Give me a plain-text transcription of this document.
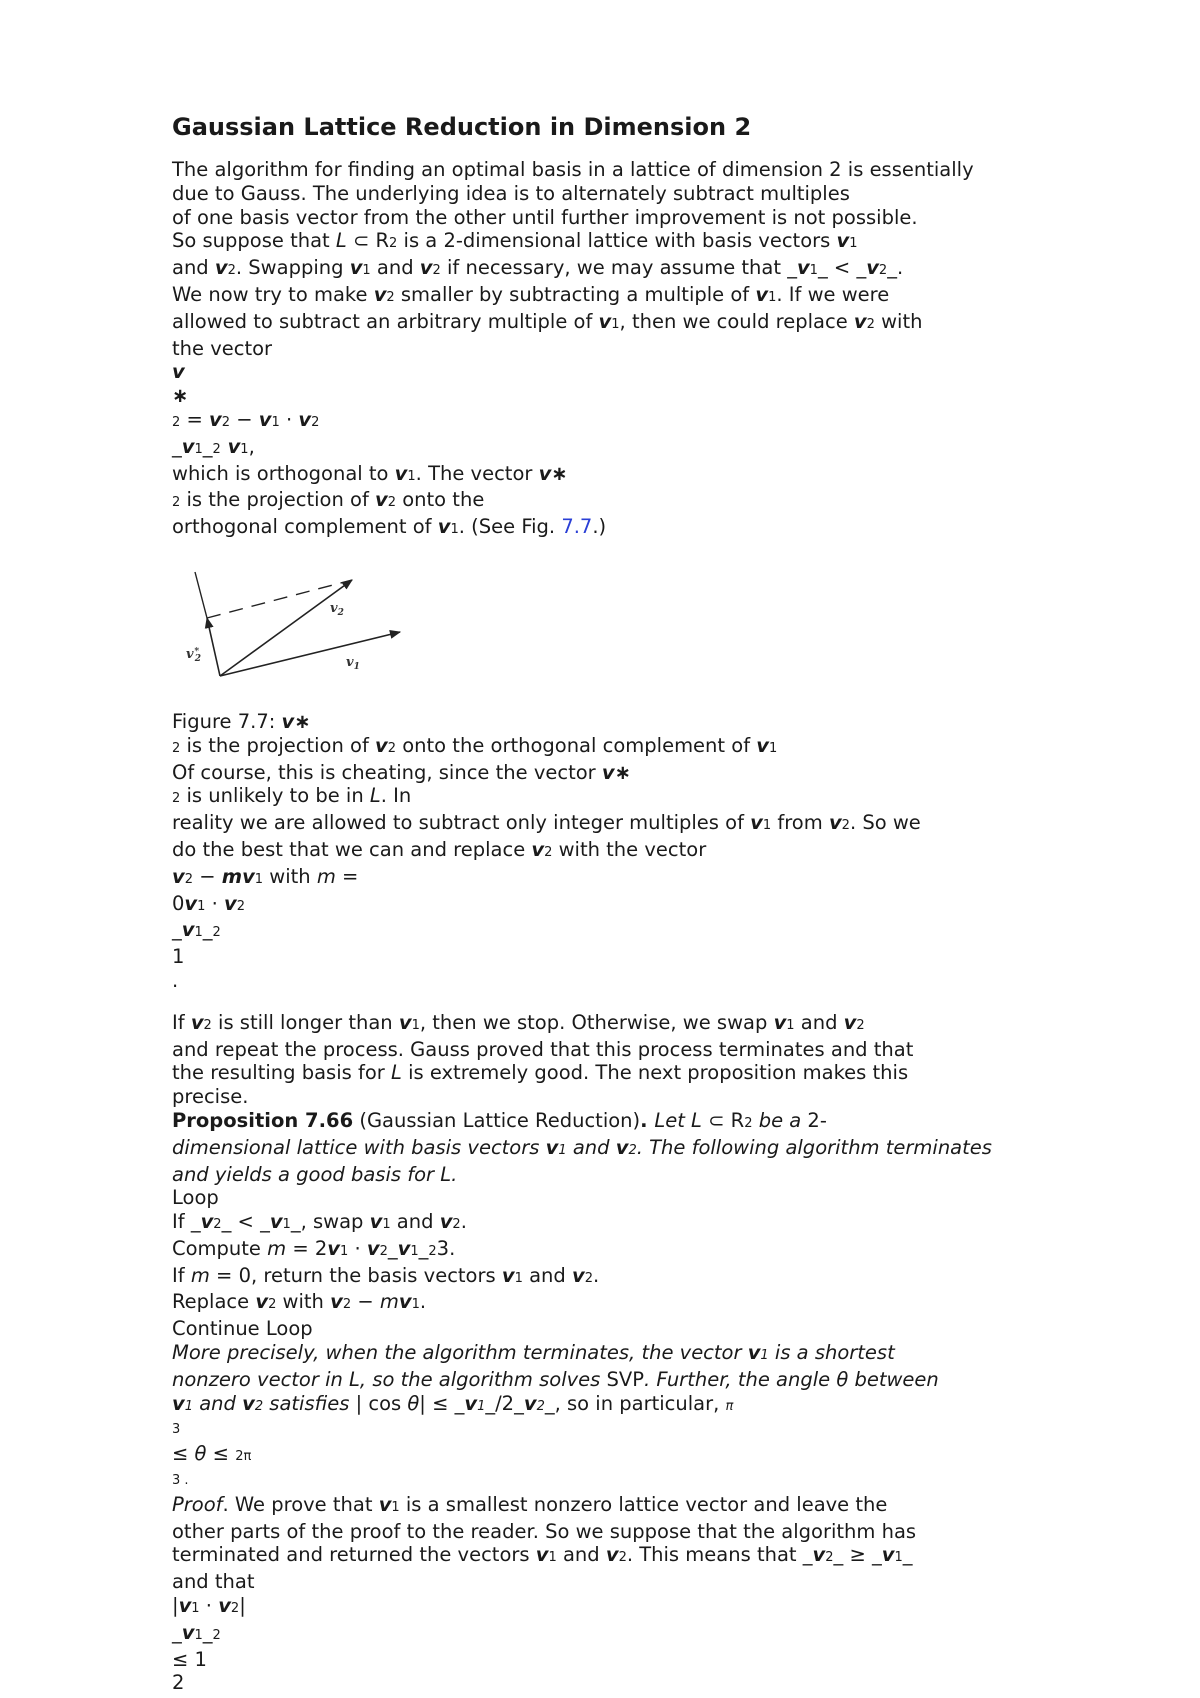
Gaussian Lattice Reduction in Dimension 2

The algorithm for finding an optimal basis in a lattice of dimension 2 is essentially

due to Gauss. The underlying idea is to alternately subtract multiples

of one basis vector from the other until further improvement is not possible.

So suppose that L ⊂ R2 is a 2-dimensional lattice with basis vectors v1

and v2. Swapping v1 and v2 if necessary, we may assume that _v1_ < _v2_.

We now try to make v2 smaller by subtracting a multiple of v1. If we were

allowed to subtract an arbitrary multiple of v1, then we could replace v2 with

the vector

v

∗

2 = v2 − v1 · v2

_v1_2 v1,

which is orthogonal to v1. The vector v∗

2 is the projection of v2 onto the

orthogonal complement of v1. (See Fig. 7.7.)

$v_2$
v∗ 2	$v_1$

Figure 7.7: v∗

2 is the projection of v2 onto the orthogonal complement of v1

Of course, this is cheating, since the vector v∗

2 is unlikely to be in L. In

reality we are allowed to subtract only integer multiples of v1 from v2. So we

do the best that we can and replace v2 with the vector

v2 − mv1 with m =

0v1 · v2

_v1_2

1

.

If v2 is still longer than v1, then we stop. Otherwise, we swap v1 and v2

and repeat the process. Gauss proved that this process terminates and that

the resulting basis for L is extremely good. The next proposition makes this

precise.

Proposition 7.66 (Gaussian Lattice Reduction). Let L ⊂ R2 be a 2-

dimensional lattice with basis vectors v1 and v2. The following algorithm terminates

and yields a good basis for L.

Loop

If _v2_ < _v1_, swap v1 and v2.

Compute m = 2v1 · v2_v1_23.

If m = 0, return the basis vectors v1 and v2.

Replace v2 with v2 − mv1.

Continue Loop

More precisely, when the algorithm terminates, the vector v1 is a shortest

nonzero vector in L, so the algorithm solves SVP. Further, the angle θ between

v1 and v2 satisfies | cos θ| ≤ _v1_/2_v2_, so in particular, π

3

≤ θ ≤ 2π

3 .

Proof. We prove that v1 is a smallest nonzero lattice vector and leave the

other parts of the proof to the reader. So we suppose that the algorithm has

terminated and returned the vectors v1 and v2. This means that _v2_ ≥ _v1_

and that

|v1 · v2|

_v1_2

≤ 1

2
